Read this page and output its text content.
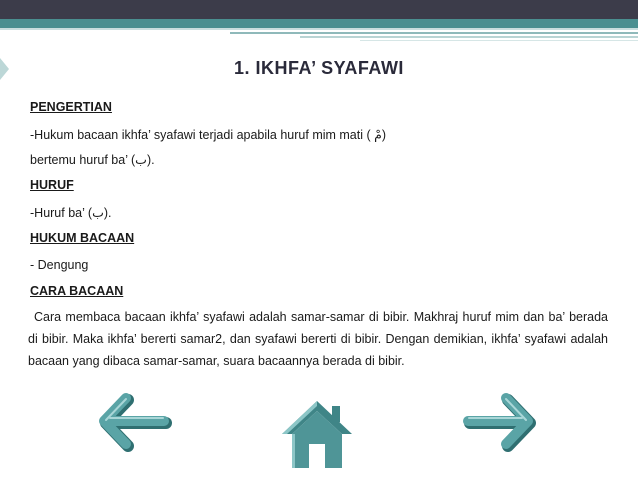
1. IKHFA’ SYAFAWI
PENGERTIAN
-Hukum bacaan ikhfa’ syafawi terjadi apabila huruf mim mati ( مْ)
bertemu huruf ba’ (ب).
HURUF
-Huruf ba’ (ب).
HUKUM BACAAN
- Dengung
CARA BACAAN
Cara membaca bacaan ikhfa’ syafawi adalah samar-samar di bibir. Makhraj huruf mim dan ba’ berada di bibir. Maka ikhfa’ bererti samar2, dan syafawi bererti di bibir. Dengan demikian, ikhfa’ syafawi adalah bacaan yang dibaca samar-samar, suara bacaannya berada di bibir.
